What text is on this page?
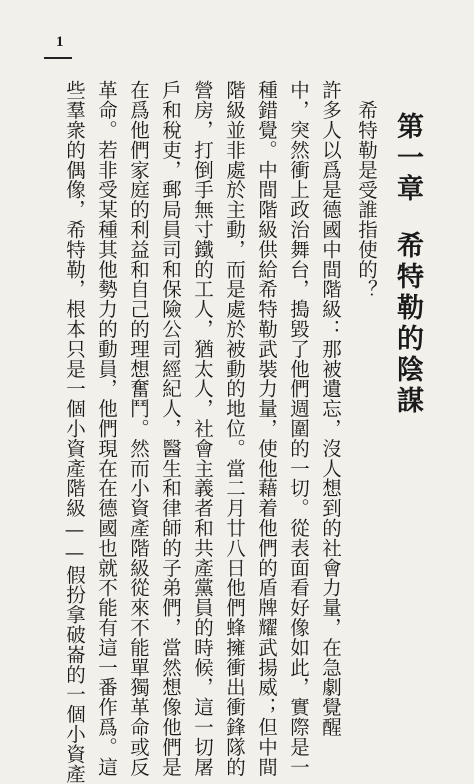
1
第一章希特勒的陰謀
希特勒是受誰指使的？
許多人以爲是德國中間階級：那被遺忘，沒人想到的社會力量，在急劇覺醒
中，突然衝上政治舞台，搗毀了他們週圍的一切。從表面看好像如此，實際是一
種錯覺。中間階級供給希特勒武裝力量，使他藉着他們的盾牌耀武揚威；但中間
階級並非處於主動，而是處於被動的地位。當二月廿八日他們蜂擁衝出衝鋒隊的
營房，打倒手無寸鐵的工人，猶太人，社會主義者和共產黨員的時候，這一切屠
戶和稅吏，郵局員司和保險公司經紀人，醫生和律師的子弟們，當然想像他們是
在爲他們家庭的利益和自己的理想奮鬥。然而小資產階級從來不能單獨革命或反
革命。若非受某種其他勢力的動員，他們現在在德國也就不能有這一番作爲。這
些羣衆的偶像，希特勒，根本只是一個小資產階級——假扮拿破崙的一個小資產
